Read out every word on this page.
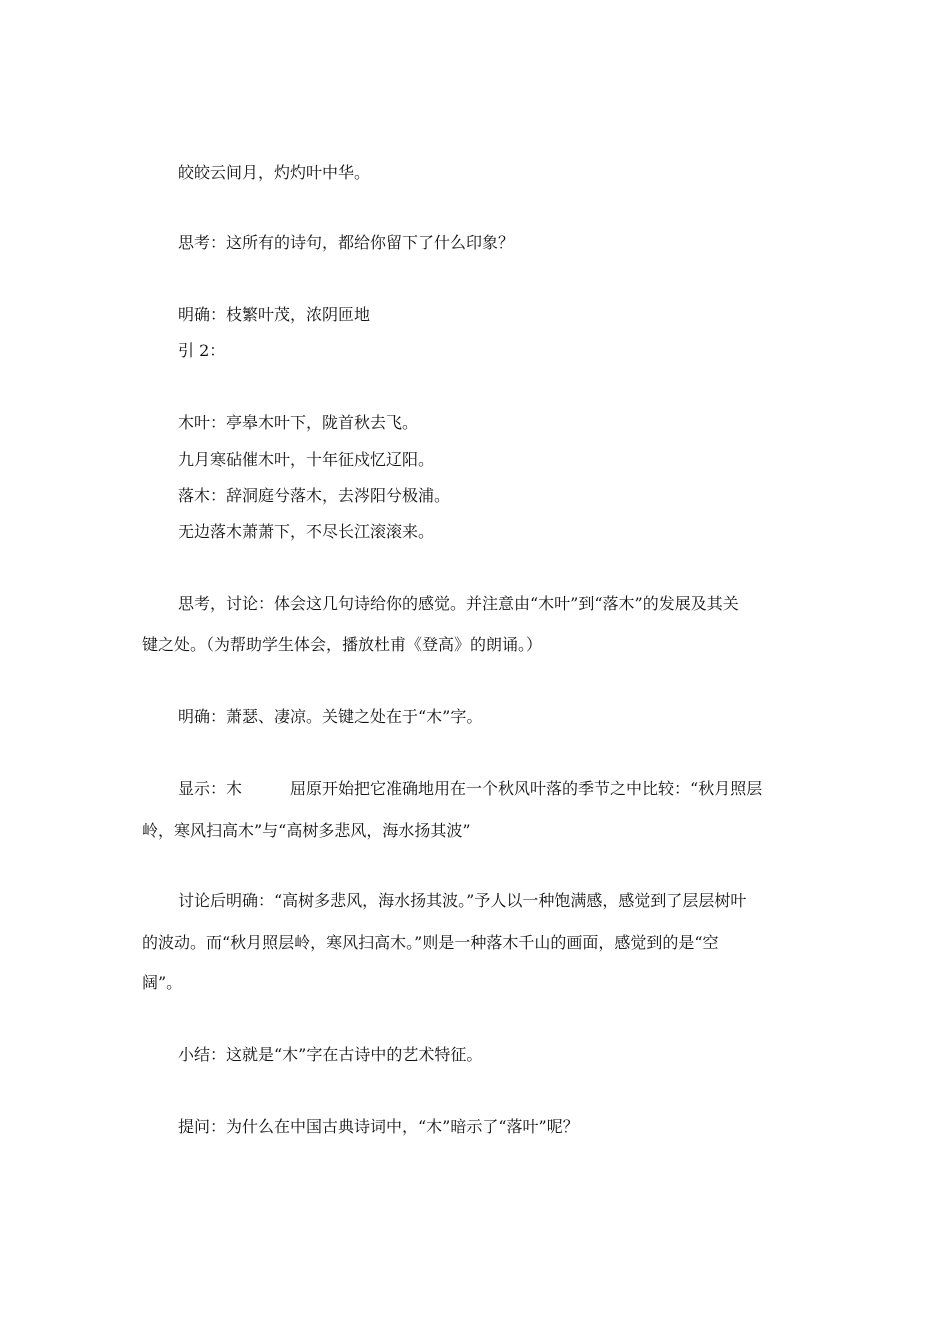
皎皎云间月，灼灼叶中华。
思考：这所有的诗句，都给你留下了什么印象？
明确：枝繁叶茂，浓阴匝地
引 2：
木叶：亭皋木叶下，陇首秋去飞。
九月寒砧催木叶，十年征戍忆辽阳。
落木：辞洞庭兮落木，去涔阳兮极浦。
无边落木萧萧下，不尽长江滚滚来。
思考，讨论：体会这几句诗给你的感觉。并注意由“木叶”到“落木”的发展及其关
键之处。（为帮助学生体会，播放杜甫《登高》的朗诵。）
明确：萧瑟、凄凉。关键之处在于“木”字。
显示：木	屈原开始把它准确地用在一个秋风叶落的季节之中比较：“秋月照层
岭，寒风扫高木”与“高树多悲风，海水扬其波”
讨论后明确：“高树多悲风，海水扬其波。”予人以一种饱满感，感觉到了层层树叶
的波动。而“秋月照层岭，寒风扫高木。”则是一种落木千山的画面，感觉到的是“空
阔”。
小结：这就是“木”字在古诗中的艺术特征。
提问：为什么在中国古典诗词中，“木”暗示了“落叶”呢？
